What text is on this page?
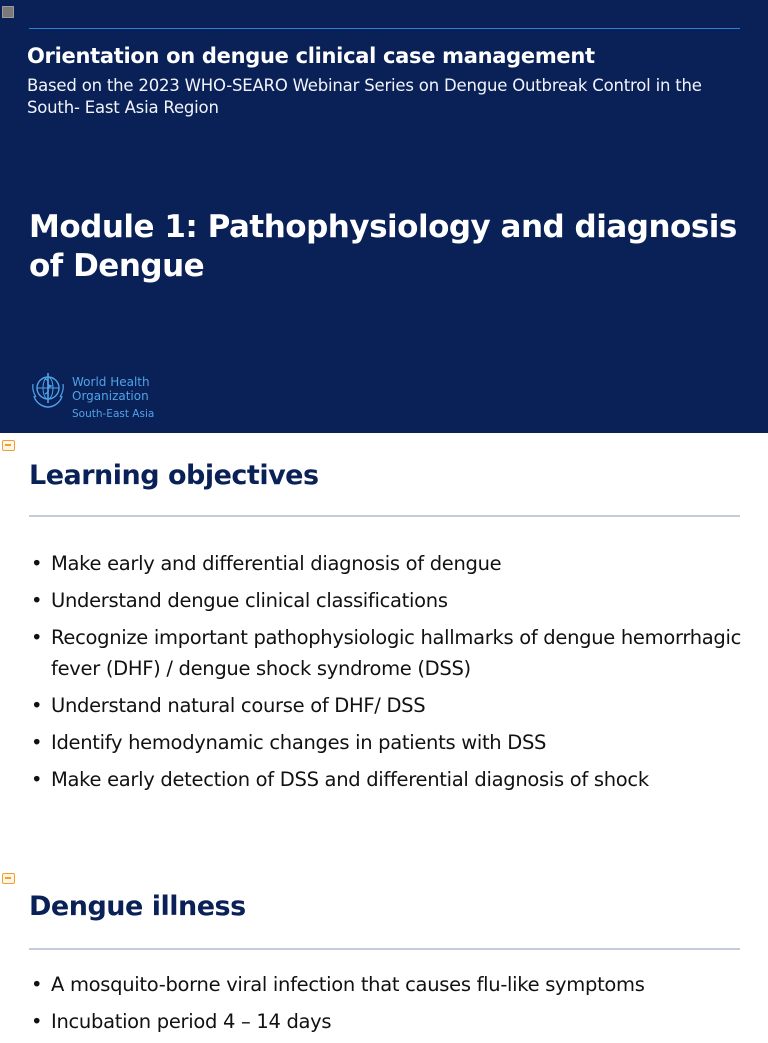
Orientation on dengue clinical case management
Based on the 2023 WHO-SEARO Webinar Series on Dengue Outbreak Control in the South- East Asia Region
Module 1: Pathophysiology and diagnosis of Dengue
World Health
Organization
South-East Asia
Learning objectives
• Make early and differential diagnosis of dengue
• Understand dengue clinical classifications
• Recognize important pathophysiologic hallmarks of dengue hemorrhagic fever (DHF) / dengue shock syndrome (DSS)
• Understand natural course of DHF/ DSS
• Identify hemodynamic changes in patients with DSS
• Make early detection of DSS and differential diagnosis of shock
Dengue illness
• A mosquito-borne viral infection that causes flu-like symptoms
• Incubation period 4 – 14 days
